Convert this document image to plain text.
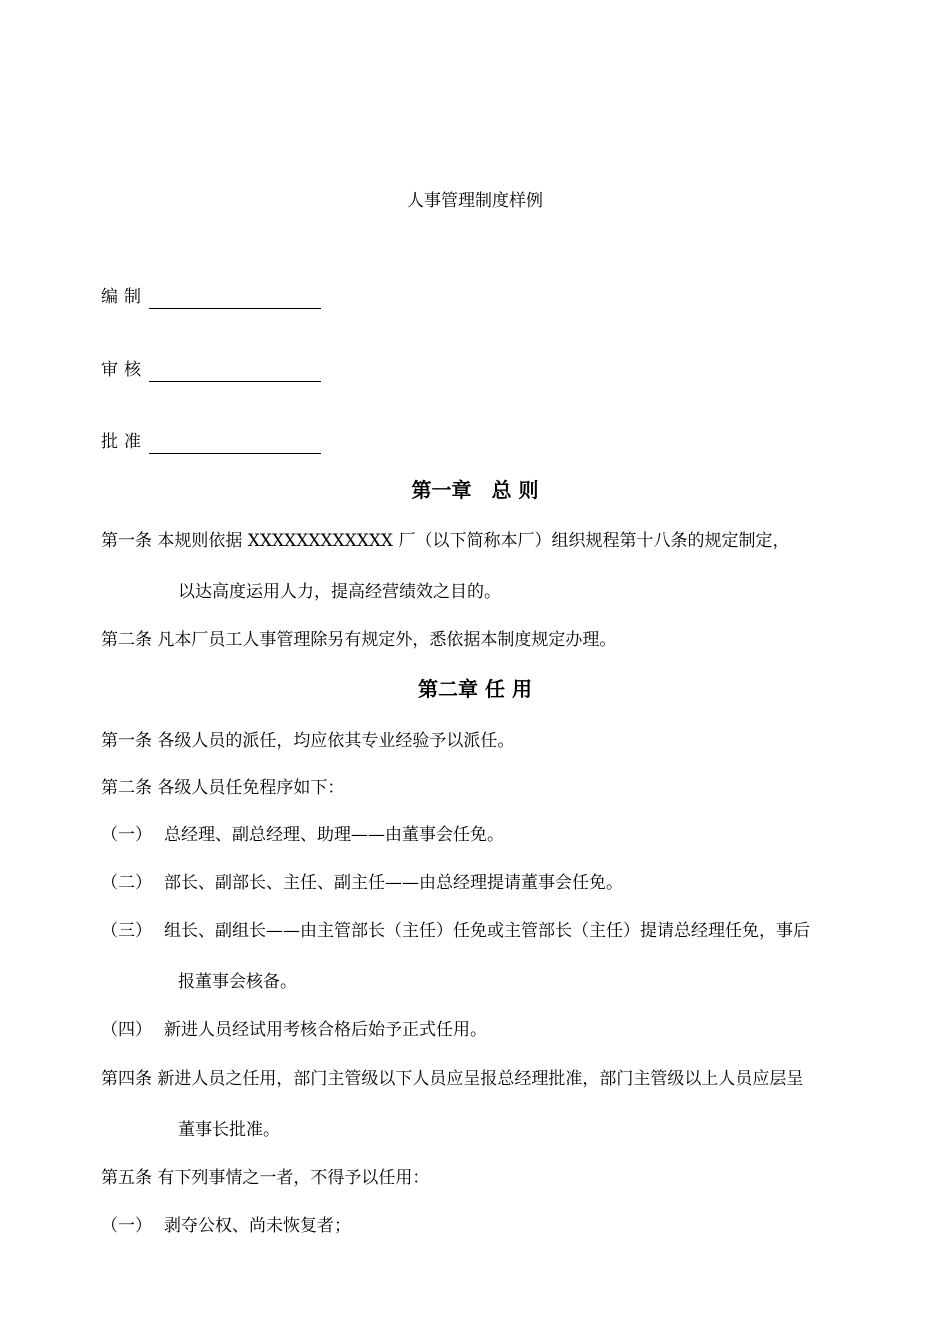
人事管理制度样例
编制
审核
批准
第一章　总 则
第一条 本规则依据 XXXXXXXXXXXX 厂（以下简称本厂）组织规程第十八条的规定制定，
以达高度运用人力，提高经营绩效之目的。
第二条 凡本厂员工人事管理除另有规定外，悉依据本制度规定办理。
第二章 任 用
第一条 各级人员的派任，均应依其专业经验予以派任。
第二条 各级人员任免程序如下：
（一） 总经理、副总经理、助理——由董事会任免。
（二） 部长、副部长、主任、副主任——由总经理提请董事会任免。
（三） 组长、副组长——由主管部长（主任）任免或主管部长（主任）提请总经理任免，事后
报董事会核备。
（四） 新进人员经试用考核合格后始予正式任用。
第四条 新进人员之任用，部门主管级以下人员应呈报总经理批准，部门主管级以上人员应层呈
董事长批准。
第五条 有下列事情之一者，不得予以任用：
（一） 剥夺公权、尚未恢复者；
